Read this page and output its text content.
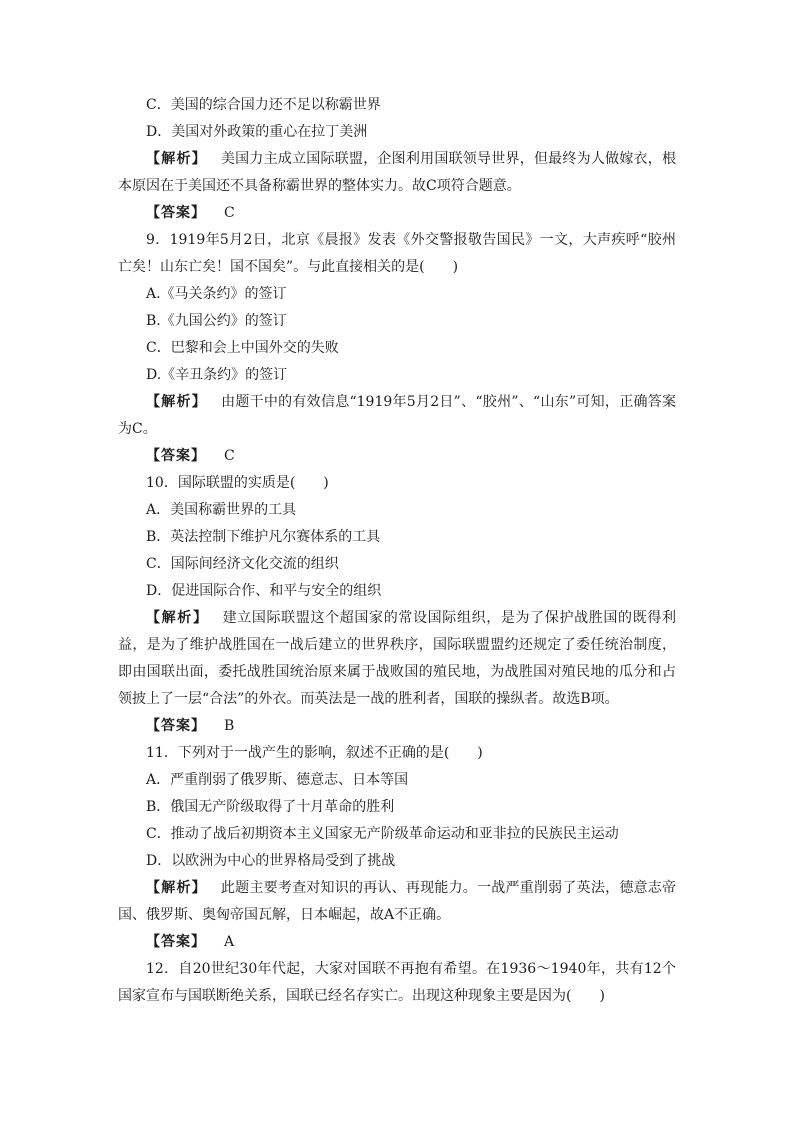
C．美国的综合国力还不足以称霸世界

D．美国对外政策的重心在拉丁美洲

【解析】 美国力主成立国际联盟，企图利用国联领导世界，但最终为人做嫁衣，根本原因在于美国还不具备称霸世界的整体实力。故C项符合题意。

【答案】 C

9．1919年5月2日，北京《晨报》发表《外交警报敬告国民》一文，大声疾呼“胶州亡矣！山东亡矣！国不国矣”。与此直接相关的是(　　)

A.《马关条约》的签订

B.《九国公约》的签订

C．巴黎和会上中国外交的失败

D.《辛丑条约》的签订

【解析】 由题干中的有效信息“1919年5月2日”、“胶州”、“山东”可知，正确答案为C。

【答案】 C

10．国际联盟的实质是(　　)

A．美国称霸世界的工具

B．英法控制下维护凡尔赛体系的工具

C．国际间经济文化交流的组织

D．促进国际合作、和平与安全的组织

【解析】 建立国际联盟这个超国家的常设国际组织，是为了保护战胜国的既得利益，是为了维护战胜国在一战后建立的世界秩序，国际联盟盟约还规定了委任统治制度，即由国联出面，委托战胜国统治原来属于战败国的殖民地，为战胜国对殖民地的瓜分和占领披上了一层“合法”的外衣。而英法是一战的胜利者，国联的操纵者。故选B项。

【答案】 B

11．下列对于一战产生的影响，叙述不正确的是(　　)

A．严重削弱了俄罗斯、德意志、日本等国

B．俄国无产阶级取得了十月革命的胜利

C．推动了战后初期资本主义国家无产阶级革命运动和亚非拉的民族民主运动

D．以欧洲为中心的世界格局受到了挑战

【解析】 此题主要考查对知识的再认、再现能力。一战严重削弱了英法，德意志帝国、俄罗斯、奥匈帝国瓦解，日本崛起，故A不正确。

【答案】 A

12．自20世纪30年代起，大家对国联不再抱有希望。在1936～1940年，共有12个国家宣布与国联断绝关系，国联已经名存实亡。出现这种现象主要是因为(　　)
